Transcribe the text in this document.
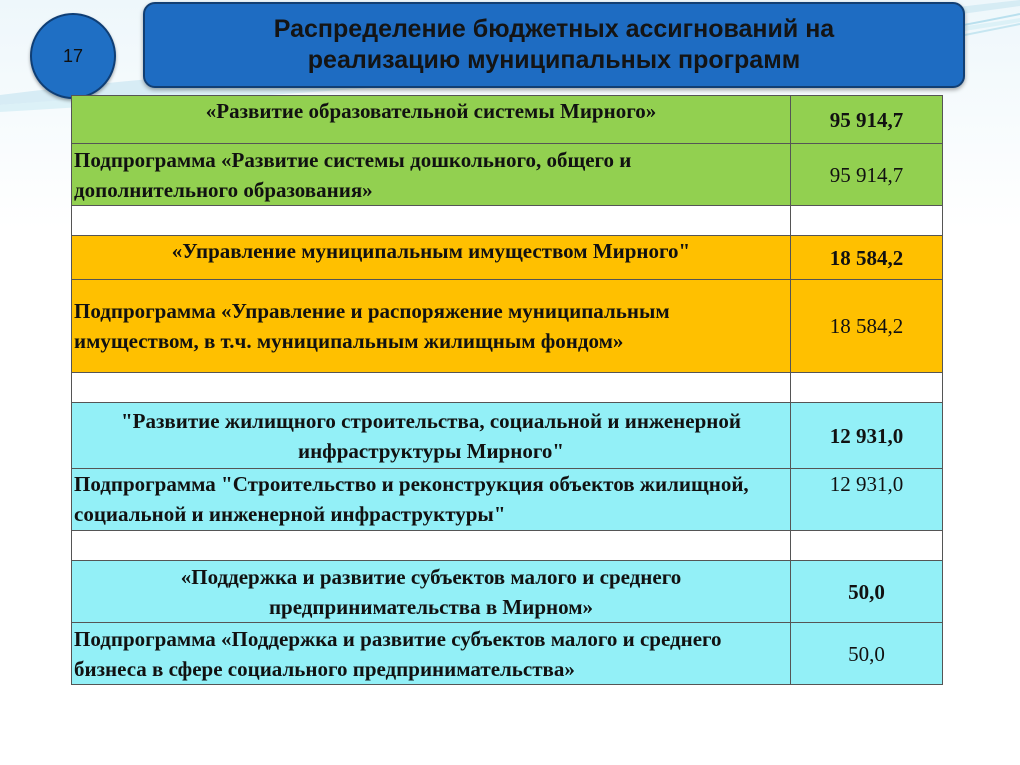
17
Распределение бюджетных ассигнований на
реализацию муниципальных программ
«Развитие образовательной системы Мирного»	95 914,7
Подпрограмма «Развитие системы дошкольного, общего и дополнительного образования»	95 914,7

«Управление муниципальным имуществом Мирного"	18 584,2
Подпрограмма «Управление и распоряжение муниципальным имуществом, в т.ч. муниципальным жилищным фондом»	18 584,2

"Развитие жилищного строительства, социальной и инженерной инфраструктуры Мирного"	12 931,0
Подпрограмма "Строительство и реконструкция объектов жилищной, социальной и инженерной инфраструктуры"	12 931,0

«Поддержка и развитие субъектов малого и среднего предпринимательства в Мирном»	50,0
Подпрограмма «Поддержка и развитие субъектов малого и среднего бизнеса в сфере социального предпринимательства»	50,0
